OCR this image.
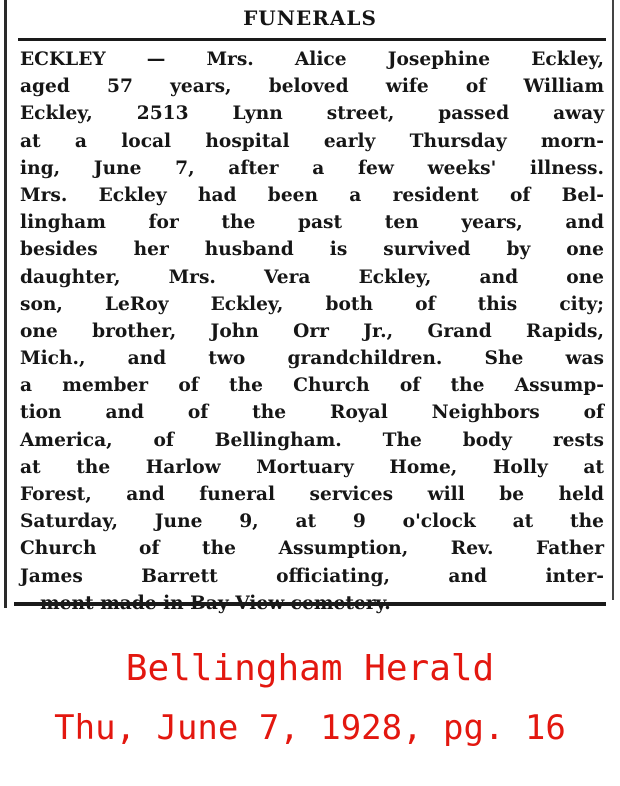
FUNERALS
ECKLEY — Mrs. Alice Josephine Eckley,
aged 57 years, beloved wife of William
Eckley, 2513 Lynn street, passed away
at a local hospital early Thursday morn-
ing, June 7, after a few weeks' illness.
Mrs. Eckley had been a resident of Bel-
lingham for the past ten years, and
besides her husband is survived by one
daughter, Mrs. Vera Eckley, and one
son, LeRoy Eckley, both of this city;
one brother, John Orr Jr., Grand Rapids,
Mich., and two grandchildren. She was
a member of the Church of the Assump-
tion and of the Royal Neighbors of
America, of Bellingham. The body rests
at the Harlow Mortuary Home, Holly at
Forest, and funeral services will be held
Saturday, June 9, at 9 o'clock at the
Church of the Assumption, Rev. Father
James Barrett officiating, and inter-
Bellingham Herald
Thu, June 7, 1928, pg. 16
